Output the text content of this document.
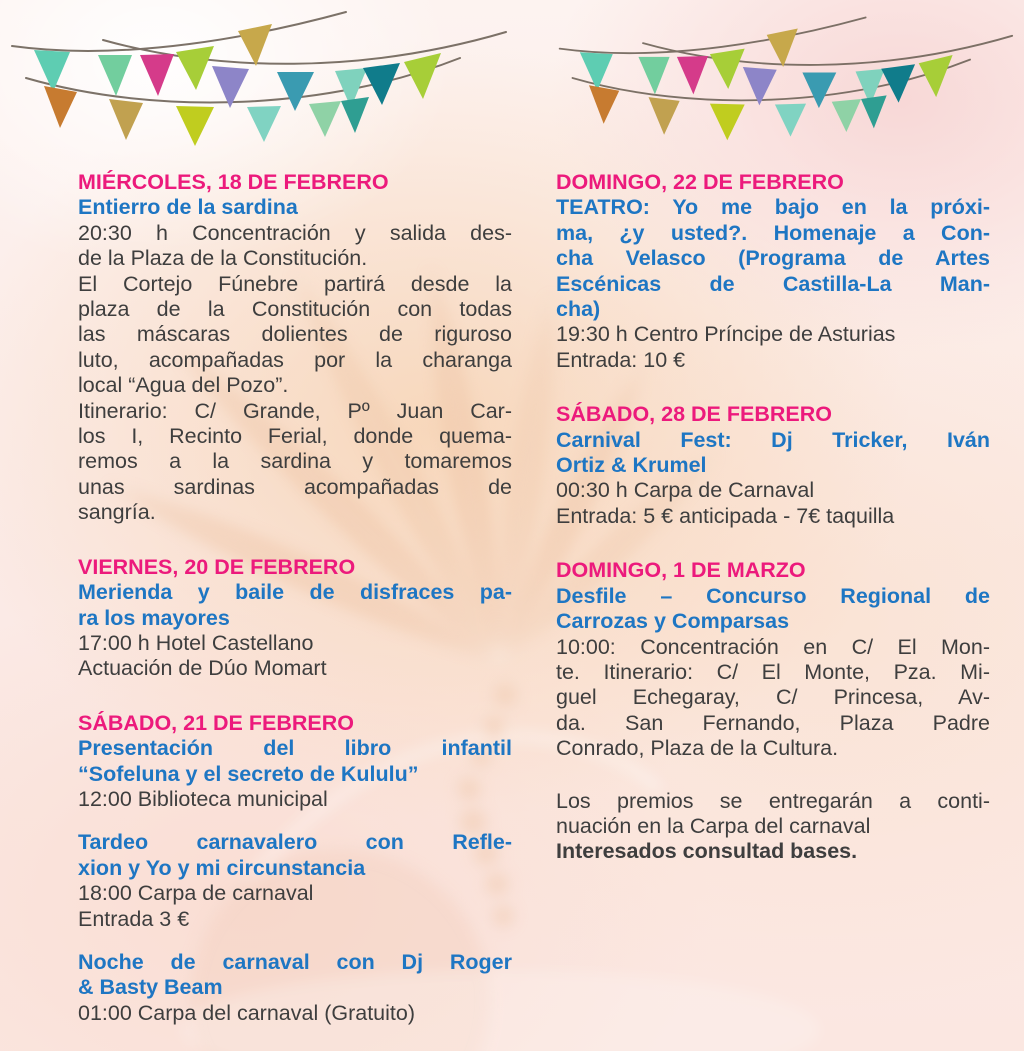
MIÉRCOLES, 18 DE FEBRERO
Entierro de la sardina
20:30 h Concentración y salida des-
de la Plaza de la Constitución.
El Cortejo Fúnebre partirá desde la
plaza de la Constitución con todas
las máscaras dolientes de riguroso
luto, acompañadas por la charanga
local “Agua del Pozo”.
Itinerario: C/ Grande, Pº Juan Car-
los I, Recinto Ferial, donde quema-
remos a la sardina y tomaremos
unas sardinas acompañadas de
sangría.
VIERNES, 20 DE FEBRERO
Merienda y baile de disfraces pa-
ra los mayores
17:00 h Hotel Castellano
Actuación de Dúo Momart
SÁBADO, 21 DE FEBRERO
Presentación del libro infantil
“Sofeluna y el secreto de Kululu”
12:00 Biblioteca municipal
Tardeo carnavalero con Refle-
xion y Yo y mi circunstancia
18:00 Carpa de carnaval
Entrada 3 €
Noche de carnaval con Dj Roger
& Basty Beam
01:00 Carpa del carnaval (Gratuito)
DOMINGO, 22 DE FEBRERO
TEATRO: Yo me bajo en la próxi-
ma, ¿y usted?. Homenaje a Con-
cha Velasco (Programa de Artes
Escénicas de Castilla-La Man-
cha)
19:30 h Centro Príncipe de Asturias
Entrada: 10 €
SÁBADO, 28 DE FEBRERO
Carnival Fest: Dj Tricker, Iván
Ortiz & Krumel
00:30 h Carpa de Carnaval
Entrada: 5 € anticipada - 7€ taquilla
DOMINGO, 1 DE MARZO
Desfile – Concurso Regional de
Carrozas y Comparsas
10:00: Concentración en C/ El Mon-
te. Itinerario: C/ El Monte, Pza. Mi-
guel Echegaray, C/ Princesa, Av-
da. San Fernando, Plaza Padre
Conrado, Plaza de la Cultura.
Los premios se entregarán a conti-
nuación en la Carpa del carnaval
Interesados consultad bases.
